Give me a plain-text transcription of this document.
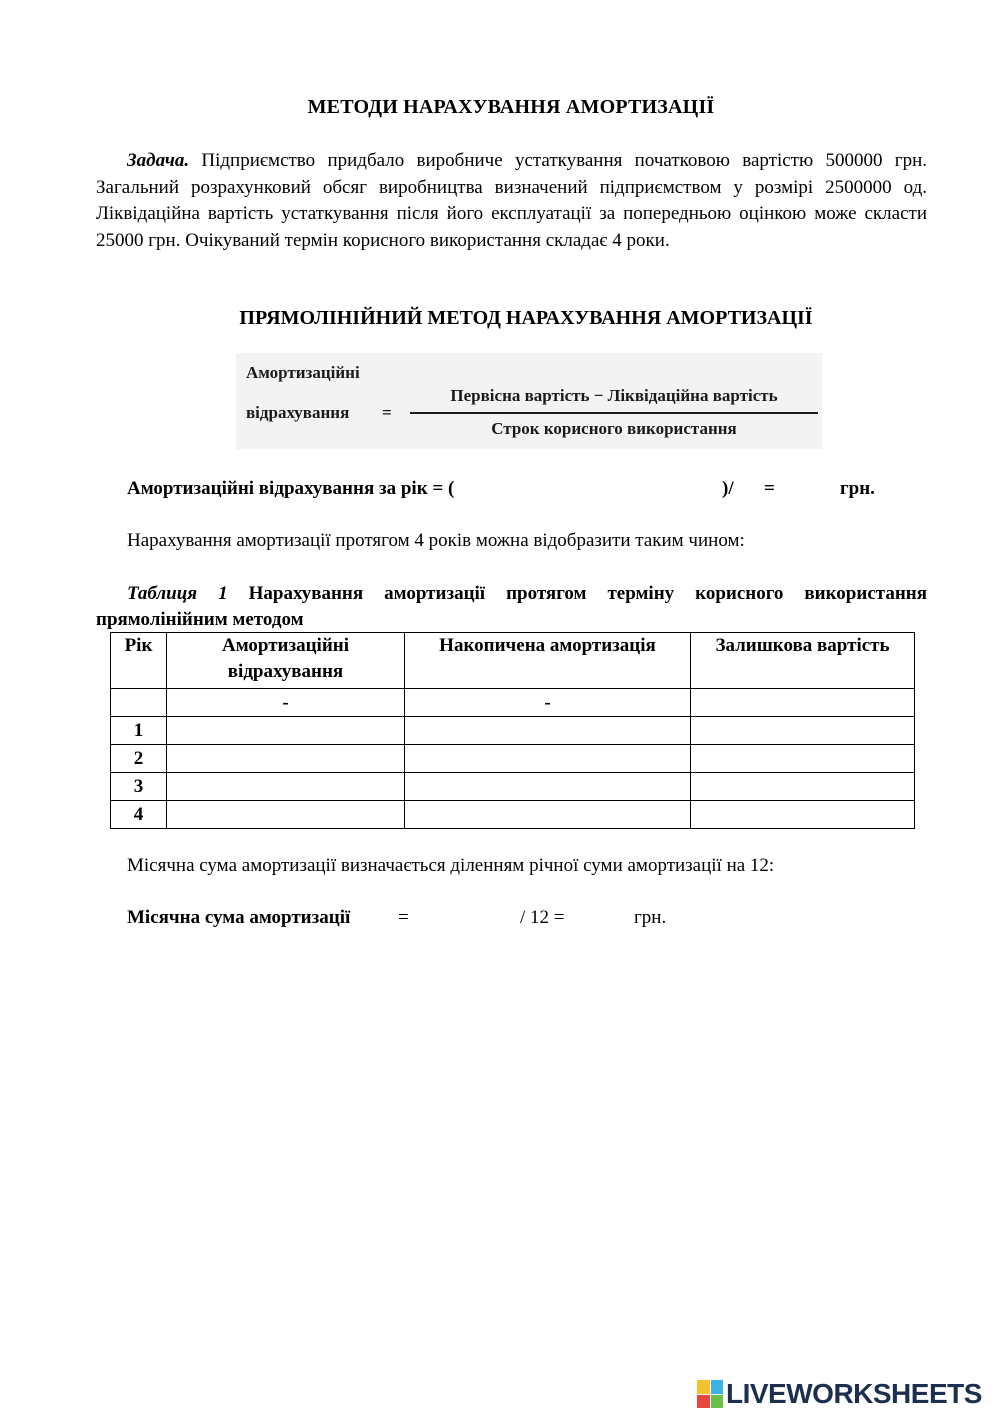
МЕТОДИ НАРАХУВАННЯ АМОРТИЗАЦІЇ
Задача. Підприємство придбало виробниче устаткування початковою вартістю 500000 грн. Загальний розрахунковий обсяг виробництва визначений підприємством у розмірі 2500000 од. Ліквідаційна вартість устаткування після його експлуатації за попередньою оцінкою може скласти 25000 грн. Очікуваний термін корисного використання складає 4 роки.
ПРЯМОЛІНІЙНИЙ МЕТОД НАРАХУВАННЯ АМОРТИЗАЦІЇ
Амортизаційні
відрахування =
Первісна вартість − Ліквідаційна вартість
Строк корисного використання
Амортизаційні відрахування за рік = (	)/ =	грн.
Нарахування амортизації протягом 4 років можна відобразити таким чином:
Таблиця 1 Нарахування амортизації протягом терміну корисного використання прямолінійним методом
Рік	Амортизаційні відрахування	Накопичена амортизація	Залишкова вартість
	-	-	
1			
2			
3			
4			
Місячна сума амортизації визначається діленням річної суми амортизації на 12:
Місячна сума амортизації	=	/ 12 =	грн.
LIVEWORKSHEETS
